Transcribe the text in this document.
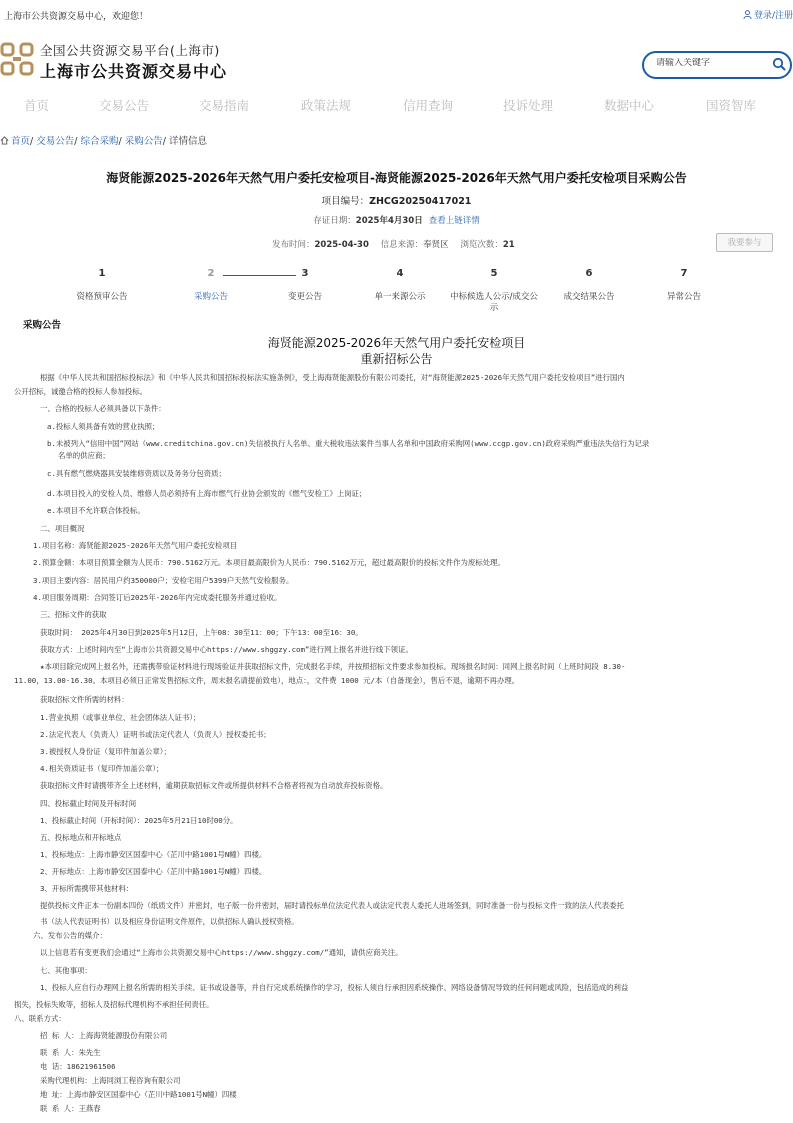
上海市公共资源交易中心，欢迎您！	登录/注册
全国公共资源交易平台(上海市)
上海市公共资源交易中心
请输入关键字
首页	交易公告	交易指南	政策法规	信用查询	投诉处理	数据中心	国资智库
首页/ 交易公告/ 综合采购/ 采购公告/ 详情信息
海贤能源2025-2026年天然气用户委托安检项目-海贤能源2025-2026年天然气用户委托安检项目采购公告
项目编号：ZHCG20250417021
存证日期：2025年4月30日 查看上链详情
发布时间：2025-04-30 信息来源：奉贤区 浏览次数：21	我要参与
1
资格预审公告
2
采购公告
3
变更公告
4
单一来源公示
5
中标候选人公示/成交公示
6
成交结果公告
7
异常公告
采购公告
海贤能源2025-2026年天然气用户委托安检项目
重新招标公告
根据《中华人民共和国招标投标法》和《中华人民共和国招标投标法实施条例》，受上海海贤能源股份有限公司委托，对“海贤能源2025-2026年天然气用户委托安检项目”进行国内
公开招标，诚邀合格的投标人参加投标。
一、合格的投标人必须具备以下条件：
a.投标人须具备有效的营业执照；
b.未被列入“信用中国”网站（www.creditchina.gov.cn)失信被执行人名单、重大税收违法案件当事人名单和中国政府采购网(www.ccgp.gov.cn)政府采购严重违法失信行为记录
名单的供应商；
c.具有燃气燃烧器具安装维修资质以及务务分包资质；
d.本项目投入的安检人员、维修人员必须持有上海市燃气行业协会颁发的《燃气安检工》上岗证；
e.本项目不允许联合体投标。
二、项目概况
1.项目名称：海贤能源2025-2026年天然气用户委托安检项目
2.预算金额：本项目预算金额为人民币：790.5162万元。本项目最高限价为人民币：790.5162万元，超过最高限价的投标文件作为废标处理。
3.项目主要内容：居民用户约350000户；安检宅用户5399户天然气安检服务。
4.项目服务周期：合同签订后2025年-2026年内完成委托服务并通过验收。
三、招标文件的获取
获取时间： 2025年4月30日到2025年5月12日，上午08：30至11：00；下午13：00至16：30。
获取方式：上述时间内至“上海市公共资源交易中心https://www.shggzy.com”进行网上报名并进行线下领证。
★本项目除完成网上报名外，还需携带验证材料进行现场验证并获取招标文件，完成报名手续，并按照招标文件要求参加投标。现场报名时间：同网上报名时间（上班时间段 8.30-
11.00，13.00-16.30。本项目必须日正常发售招标文件，周末报名请提前致电），地点：，文件费 1000 元/本（自备现金），售后不退，逾期不再办理。
获取招标文件所需的材料：
1.营业执照（或事业单位、社会团体法人证书）；
2.法定代表人（负责人）证明书或法定代表人（负责人）授权委托书；
3.被授权人身份证（复印件加盖公章）；
4.相关资质证书（复印件加盖公章）；
获取招标文件时请携带齐全上述材料，逾期获取招标文件或所提供材料不合格者将视为自动放弃投标资格。
四、投标截止时间及开标时间
1、投标截止时间（开标时间）：2025年5月21日10时00分。
五、投标地点和开标地点
1、投标地点：上海市静安区国泰中心（芷川中路1001号N幢）四楼。
2、开标地点：上海市静安区国泰中心（芷川中路1001号N幢）四楼。
3、开标所需携带其他材料：
提供投标文件正本一份副本四份（纸质文件）并密封，电子版一份并密封，届时请投标单位法定代表人或法定代表人委托人进场签到，同时准备一份与投标文件一致的法人代表委托
书（法人代表证明书）以及相应身份证明文件原件，以供招标人确认授权资格。
六、发布公告的媒介：
以上信息若有变更我们会通过“上海市公共资源交易中心https://www.shggzy.com/”通知，请供应商关注。
七、其他事项：
1、投标人应自行办理网上报名所需的相关手续、证书或设备等，并自行完成系统操作的学习，投标人须自行承担因系统操作、网络设备情况导致的任何问题或风险，包括造成的利益
损失，投标失败等，招标人及招标代理机构不承担任何责任。
八、联系方式：
招 标 人：上海海贤能源股份有限公司
联 系 人：朱先生
电 话：18621961506
采购代理机构：上海同浏工程咨询有限公司
地 址：上海市静安区国泰中心（芷川中路1001号N幢）四楼
联 系 人：王燕春
